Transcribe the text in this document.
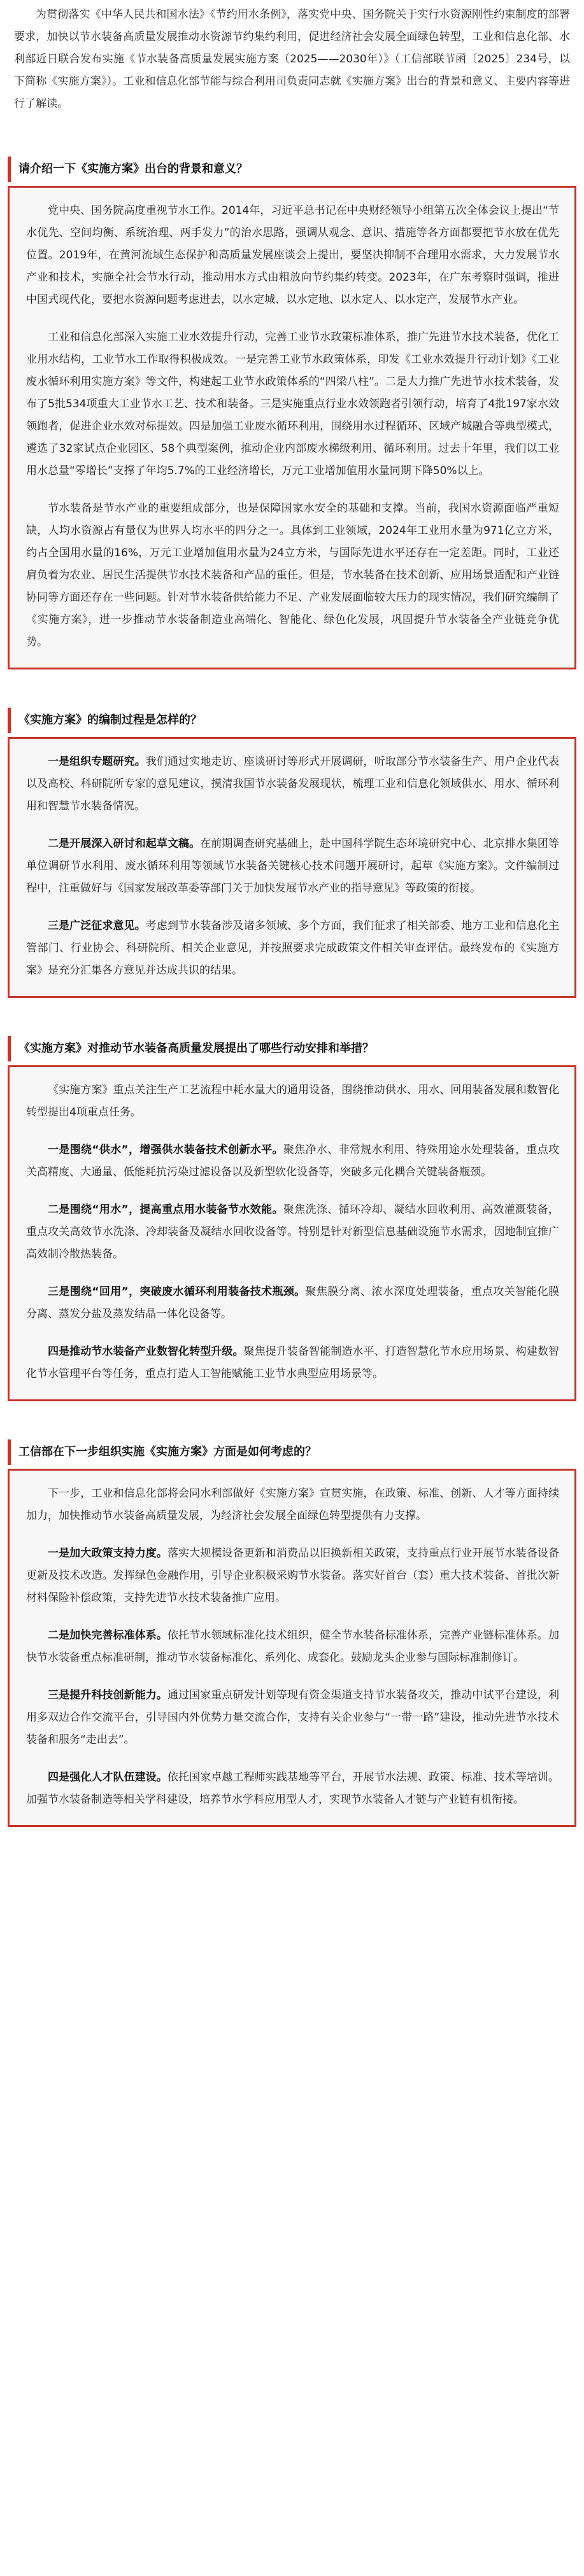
为贯彻落实《中华人民共和国水法》《节约用水条例》，落实党中央、国务院关于实行水资源刚性约束制度的部署要求，加快以节水装备高质量发展推动水资源节约集约利用，促进经济社会发展全面绿色转型，工业和信息化部、水利部近日联合发布实施《节水装备高质量发展实施方案（2025——2030年）》（工信部联节函〔2025〕234号，以下简称《实施方案》）。工业和信息化部节能与综合利用司负责同志就《实施方案》出台的背景和意义、主要内容等进行了解读。

请介绍一下《实施方案》出台的背景和意义？

党中央、国务院高度重视节水工作。2014年，习近平总书记在中央财经领导小组第五次全体会议上提出“节水优先、空间均衡、系统治理、两手发力”的治水思路，强调从观念、意识、措施等各方面都要把节水放在优先位置。2019年，在黄河流域生态保护和高质量发展座谈会上提出，要坚决抑制不合理用水需求，大力发展节水产业和技术，实施全社会节水行动，推动用水方式由粗放向节约集约转变。2023年，在广东考察时强调，推进中国式现代化，要把水资源问题考虑进去，以水定城、以水定地、以水定人、以水定产，发展节水产业。

工业和信息化部深入实施工业水效提升行动，完善工业节水政策标准体系，推广先进节水技术装备，优化工业用水结构，工业节水工作取得积极成效。一是完善工业节水政策体系，印发《工业水效提升行动计划》《工业废水循环利用实施方案》等文件，构建起工业节水政策体系的“四梁八柱”。二是大力推广先进节水技术装备，发布了5批534项重大工业节水工艺、技术和装备。三是实施重点行业水效领跑者引领行动，培育了4批197家水效领跑者，促进企业水效对标提效。四是加强工业废水循环利用，围绕用水过程循环、区域产城融合等典型模式，遴选了32家试点企业园区、58个典型案例，推动企业内部废水梯级利用、循环利用。过去十年里，我们以工业用水总量“零增长”支撑了年均5.7%的工业经济增长，万元工业增加值用水量同期下降50%以上。

节水装备是节水产业的重要组成部分，也是保障国家水安全的基础和支撑。当前，我国水资源面临严重短缺，人均水资源占有量仅为世界人均水平的四分之一。具体到工业领域，2024年工业用水量为971亿立方米，约占全国用水量的16%，万元工业增加值用水量为24立方米，与国际先进水平还存在一定差距。同时，工业还肩负着为农业、居民生活提供节水技术装备和产品的重任。但是，节水装备在技术创新、应用场景适配和产业链协同等方面还存在一些问题。针对节水装备供给能力不足、产业发展面临较大压力的现实情况，我们研究编制了《实施方案》，进一步推动节水装备制造业高端化、智能化、绿色化发展，巩固提升节水装备全产业链竞争优势。

《实施方案》的编制过程是怎样的？

一是组织专题研究。我们通过实地走访、座谈研讨等形式开展调研，听取部分节水装备生产、用户企业代表以及高校、科研院所专家的意见建议，摸清我国节水装备发展现状，梳理工业和信息化领域供水、用水、循环利用和智慧节水装备情况。

二是开展深入研讨和起草文稿。在前期调查研究基础上，赴中国科学院生态环境研究中心、北京排水集团等单位调研节水利用、废水循环利用等领域节水装备关键核心技术问题开展研讨，起草《实施方案》。文件编制过程中，注重做好与《国家发展改革委等部门关于加快发展节水产业的指导意见》等政策的衔接。

三是广泛征求意见。考虑到节水装备涉及诸多领域、多个方面，我们征求了相关部委、地方工业和信息化主管部门、行业协会、科研院所、相关企业意见，并按照要求完成政策文件相关审查评估。最终发布的《实施方案》是充分汇集各方意见并达成共识的结果。

《实施方案》对推动节水装备高质量发展提出了哪些行动安排和举措？

《实施方案》重点关注生产工艺流程中耗水量大的通用设备，围绕推动供水、用水、回用装备发展和数智化转型提出4项重点任务。

一是围绕“供水”，增强供水装备技术创新水平。聚焦净水、非常规水利用、特殊用途水处理装备，重点攻关高精度、大通量、低能耗抗污染过滤设备以及新型软化设备等，突破多元化耦合关键装备瓶颈。

二是围绕“用水”，提高重点用水装备节水效能。聚焦洗涤、循环冷却、凝结水回收利用、高效灌溉装备，重点攻关高效节水洗涤、冷却装备及凝结水回收设备等。特别是针对新型信息基础设施节水需求，因地制宜推广高效制冷散热装备。

三是围绕“回用”，突破废水循环利用装备技术瓶颈。聚焦膜分离、浓水深度处理装备，重点攻关智能化膜分离、蒸发分盐及蒸发结晶一体化设备等。

四是推动节水装备产业数智化转型升级。聚焦提升装备智能制造水平、打造智慧化节水应用场景、构建数智化节水管理平台等任务，重点打造人工智能赋能工业节水典型应用场景等。

工信部在下一步组织实施《实施方案》方面是如何考虑的？

下一步，工业和信息化部将会同水利部做好《实施方案》宣贯实施，在政策、标准、创新、人才等方面持续加力，加快推动节水装备高质量发展，为经济社会发展全面绿色转型提供有力支撑。

一是加大政策支持力度。落实大规模设备更新和消费品以旧换新相关政策，支持重点行业开展节水装备设备更新及技术改造。发挥绿色金融作用，引导企业积极采购节水装备。落实好首台（套）重大技术装备、首批次新材料保险补偿政策，支持先进节水技术装备推广应用。

二是加快完善标准体系。依托节水领域标准化技术组织，健全节水装备标准体系，完善产业链标准体系。加快节水装备重点标准研制，推动节水装备标准化、系列化、成套化。鼓励龙头企业参与国际标准制修订。

三是提升科技创新能力。通过国家重点研发计划等现有资金渠道支持节水装备攻关，推动中试平台建设，利用多双边合作交流平台，引导国内外优势力量交流合作，支持有关企业参与“一带一路”建设，推动先进节水技术装备和服务“走出去”。

四是强化人才队伍建设。依托国家卓越工程师实践基地等平台，开展节水法规、政策、标准、技术等培训。加强节水装备制造等相关学科建设，培养节水学科应用型人才，实现节水装备人才链与产业链有机衔接。
